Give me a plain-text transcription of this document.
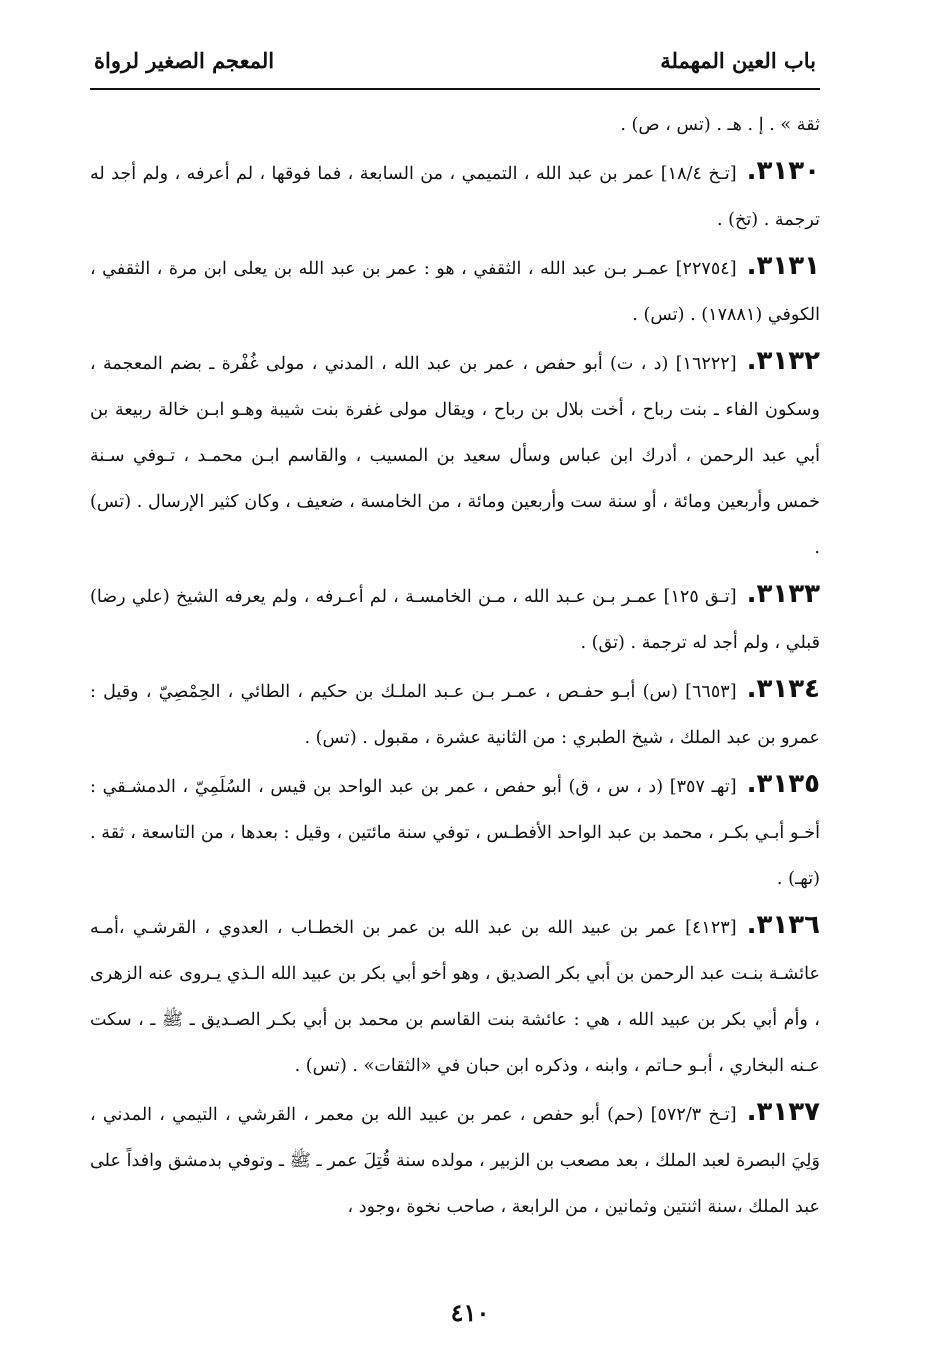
باب العين المهملة
المعجم الصغير لرواة
ثقة » . إ . هـ . (تس ، ص) .
٣١٣٠.[تـخ ١٨/٤] عمر بن عبد الله ، التميمي ، من السابعة ، فما فوقها ، لم أعرفه ، ولم أجد له ترجمة . (تخ) .
٣١٣١.[٢٢٧٥٤] عمـر بـن عبد الله ، الثقفي ، هو : عمر بن عبد الله بن يعلى ابن مرة ، الثقفي ، الكوفي (١٧٨٨١) . (تس) .
٣١٣٢.[١٦٢٢٢] (د ، ت) أبو حفص ، عمر بن عبد الله ، المدني ، مولى غُفْرة ـ بضم المعجمة ، وسكون الفاء ـ بنت رباح ، أخت بلال بن رباح ، ويقال مولى غفرة بنت شيبة وهـو ابـن خالة ربيعة بن أبي عبد الرحمن ، أدرك ابن عباس وسأل سعيد بن المسيب ، والقاسم ابـن محمـد ، تـوفي سـنة خمس وأربعين ومائة ، أو سنة ست وأربعين ومائة ، من الخامسة ، ضعيف ، وكان كثير الإرسال . (تس) .
٣١٣٣.[تـق ١٢٥] عمـر بـن عـبد الله ، مـن الخامسـة ، لم أعـرفه ، ولم يعرفه الشيخ (علي رضا) قبلي ، ولم أجد له ترجمة . (تق) .
٣١٣٤.[٦٦٥٣] (س) أبـو حفـص ، عمـر بـن عـبد الملـك بن حكيم ، الطائي ، الحِمْصِيّ ، وقيل : عمرو بن عبد الملك ، شيخ الطبري : من الثانية عشرة ، مقبول . (تس) .
٣١٣٥.[تهـ ٣٥٧] (د ، س ، ق) أبو حفص ، عمر بن عبد الواحد بن قيس ، السُلَمِيّ ، الدمشـقي : أخـو أبـي بكـر ، محمد بن عبد الواحد الأفطـس ، توفي سنة مائتين ، وقيل : بعدها ، من التاسعة ، ثقة . (تهـ) .
٣١٣٦.[٤١٢٣] عمر بن عبيد الله بن عبد الله بن عمر بن الخطـاب ، العدوي ، القرشـي ،أمـه عائشـة بنـت عبد الرحمن بن أبي بكر الصديق ، وهو أخو أبي بكر بن عبيد الله الـذي يـروى عنه الزهرى ، وأم أبي بكر بن عبيد الله ، هي : عائشة بنت القاسم بن محمد بن أبي بكـر الصـديق ـ ﷺ ـ ، سكت عـنه البخاري ، أبـو حـاتم ، وابنه ، وذكره ابن حبان في «الثقات» . (تس) .
٣١٣٧.[تـخ ٥٧٢/٣] (حم) أبو حفص ، عمر بن عبيد الله بن معمر ، القرشي ، التيمي ، المدني ، وَلِيَ البصرة لعبد الملك ، بعد مصعب بن الزبير ، مولده سنة قُتِلَ عمر ـ ﷺ ـ وتوفي بدمشق وافداً على عبد الملك ،سنة اثنتين وثمانين ، من الرابعة ، صاحب نخوة ،وجود ،
٤١٠
